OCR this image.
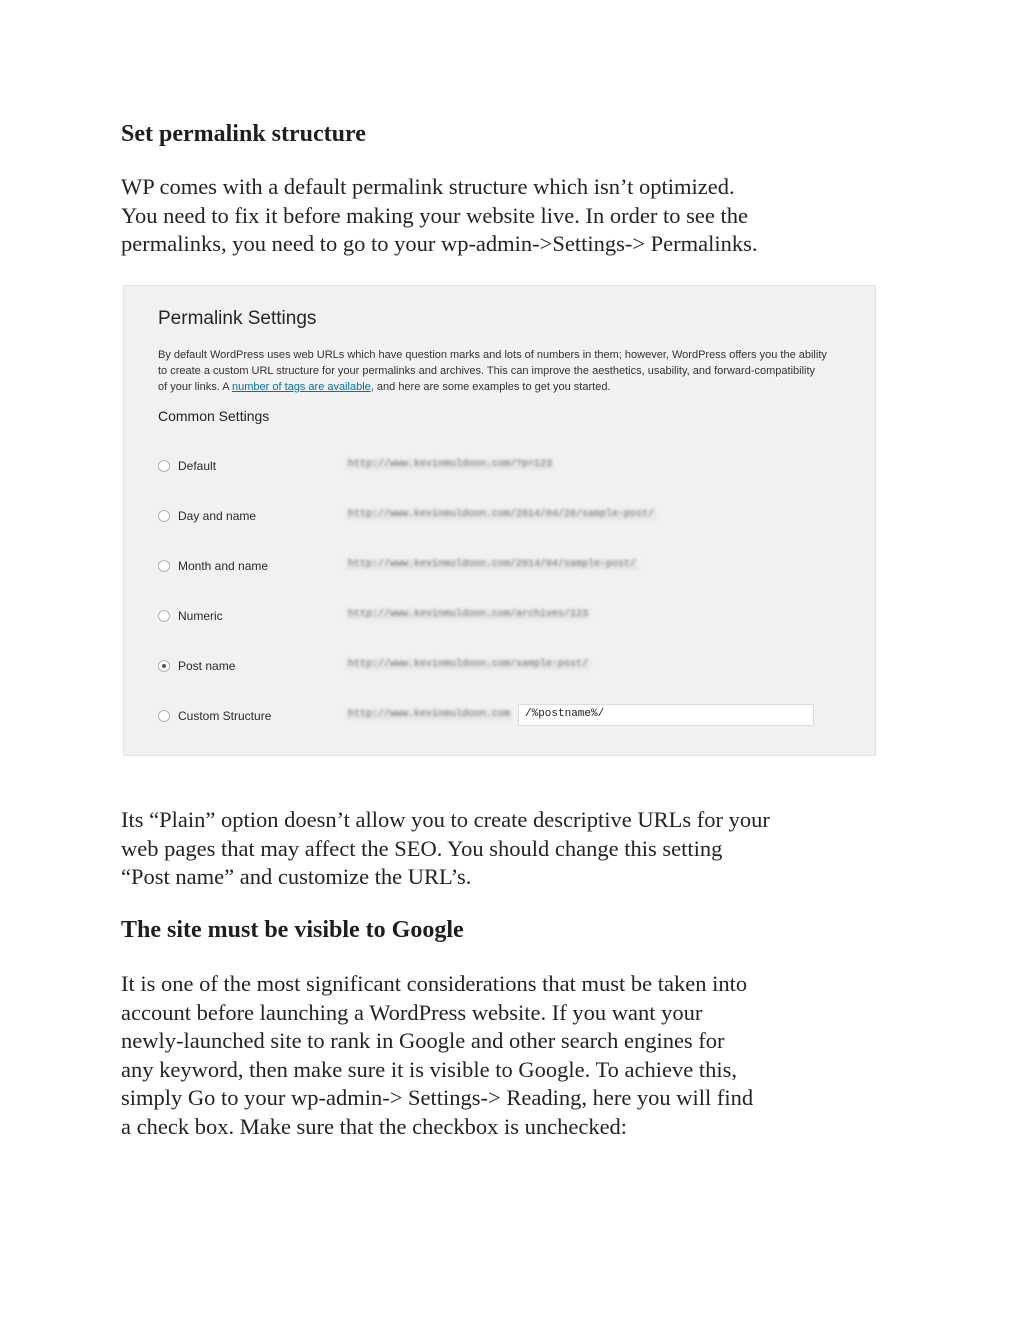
Set permalink structure

WP comes with a default permalink structure which isn’t optimized.
You need to fix it before making your website live. In order to see the
permalinks, you need to go to your wp-admin->Settings-> Permalinks.

Permalink Settings
By default WordPress uses web URLs which have question marks and lots of numbers in them; however, WordPress offers you the ability
to create a custom URL structure for your permalinks and archives. This can improve the aesthetics, usability, and forward-compatibility
of your links. A number of tags are available, and here are some examples to get you started.
Common Settings
Default	http://www.kevinmuldoon.com/?p=123
Day and name	http://www.kevinmuldoon.com/2014/04/26/sample-post/
Month and name	http://www.kevinmuldoon.com/2014/04/sample-post/
Numeric	http://www.kevinmuldoon.com/archives/123
Post name	http://www.kevinmuldoon.com/sample-post/
Custom Structure	http://www.kevinmuldoon.com	/%postname%/

Its “Plain” option doesn’t allow you to create descriptive URLs for your
web pages that may affect the SEO. You should change this setting
“Post name” and customize the URL’s.

The site must be visible to Google

It is one of the most significant considerations that must be taken into
account before launching a WordPress website. If you want your
newly-launched site to rank in Google and other search engines for
any keyword, then make sure it is visible to Google. To achieve this,
simply Go to your wp-admin-> Settings-> Reading, here you will find
a check box. Make sure that the checkbox is unchecked:
